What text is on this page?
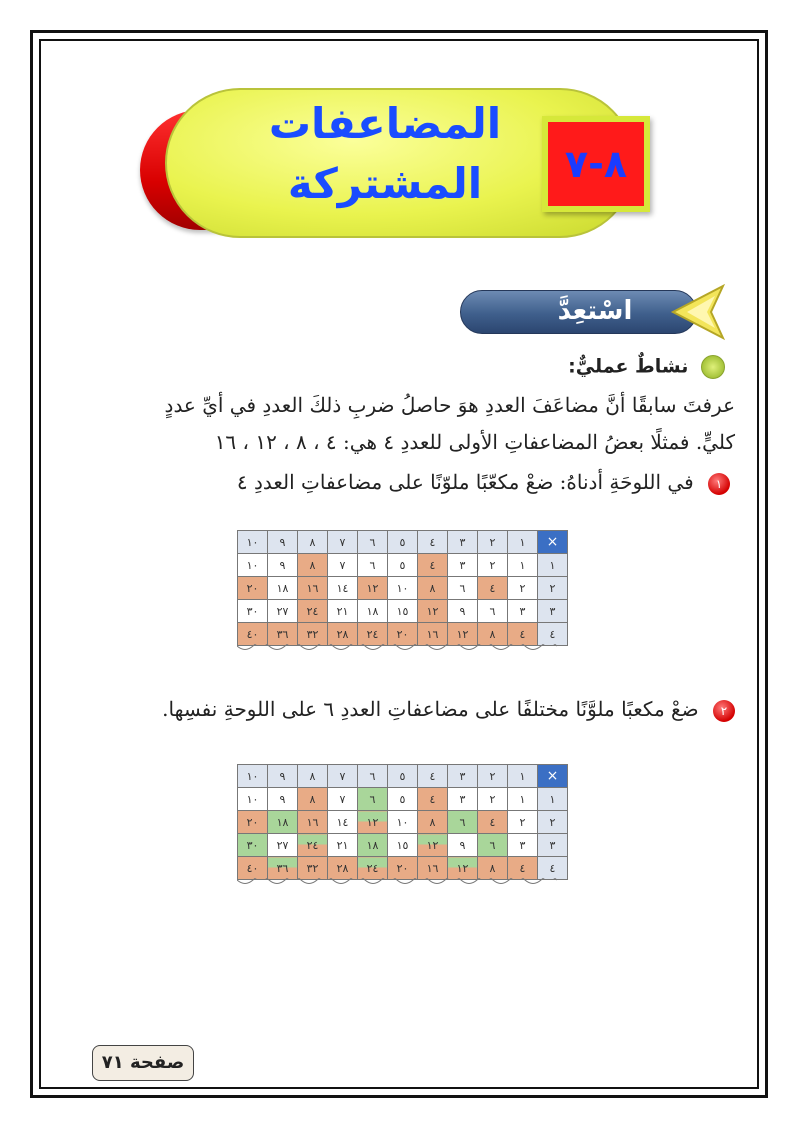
المضاعفات
المشتركة	٨-٧
اسْتعِدَّ
نشاطٌ عمليٌّ:
عرفتَ سابقًا أنَّ مضاعَفَ العددِ هوَ حاصلُ ضربِ ذلكَ العددِ في أيِّ عددٍ
كليٍّ. فمثلًا بعضُ المضاعفاتِ الأولى للعددِ ٤ هي: ٤ ، ٨ ، ١٢ ، ١٦
١ في اللوحَةِ أدناهُ: ضعْ مكعّبًا ملوّنًا على مضاعفاتِ العددِ ٤
×	١	٢	٣	٤	٥	٦	٧	٨	٩	١٠
١	١	٢	٣	٤	٥	٦	٧	٨	٩	١٠
٢	٢	٤	٦	٨	١٠	١٢	١٤	١٦	١٨	٢٠
٣	٣	٦	٩	١٢	١٥	١٨	٢١	٢٤	٢٧	٣٠
٤	٤	٨	١٢	١٦	٢٠	٢٤	٢٨	٣٢	٣٦	٤٠
٢ ضعْ مكعبًا ملوَّنًا مختلفًا على مضاعفاتِ العددِ ٦ على اللوحةِ نفسِها.
×	١	٢	٣	٤	٥	٦	٧	٨	٩	١٠
١	١	٢	٣	٤	٥	٦	٧	٨	٩	١٠
٢	٢	٤	٦	٨	١٠	١٢	١٤	١٦	١٨	٢٠
٣	٣	٦	٩	١٢	١٥	١٨	٢١	٢٤	٢٧	٣٠
٤	٤	٨	١٢	١٦	٢٠	٢٤	٢٨	٣٢	٣٦	٤٠
صفحة ٧١
